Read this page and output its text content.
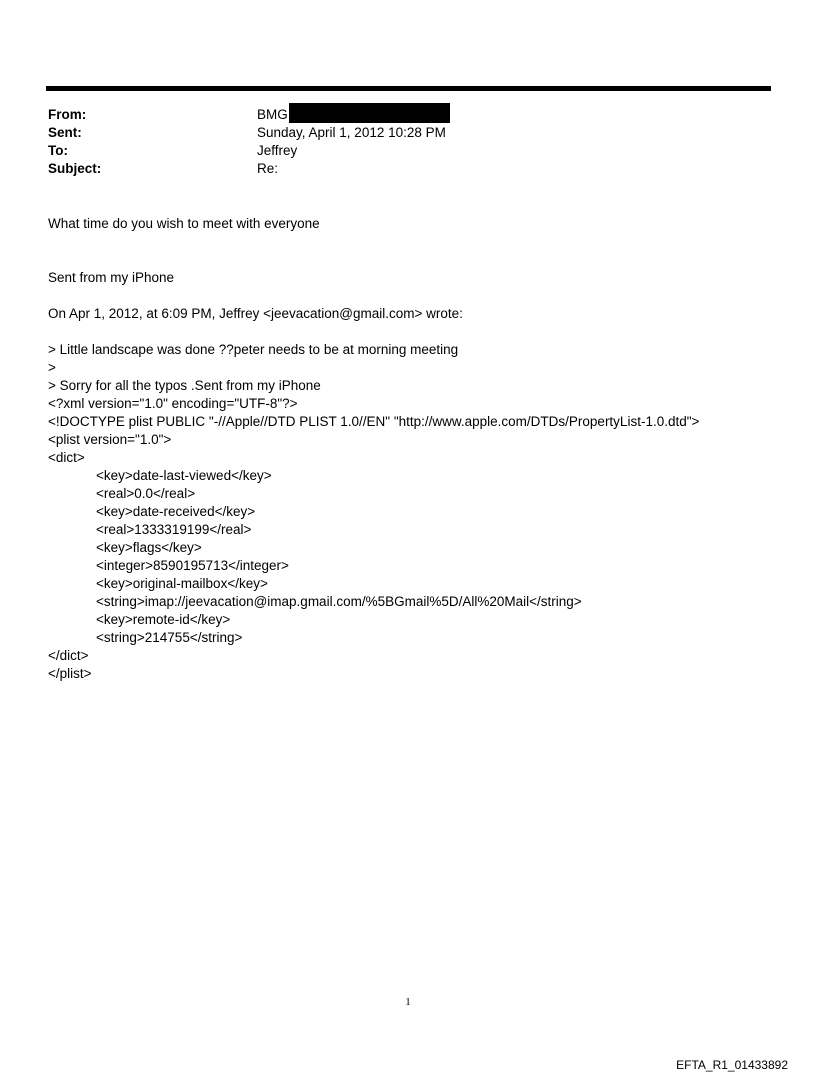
From:	BMG
Sent:	Sunday, April 1, 2012 10:28 PM
To:	Jeffrey
Subject:	Re:
What time do you wish to meet with everyone
Sent from my iPhone
On Apr 1, 2012, at 6:09 PM, Jeffrey <jeevacation@gmail.com> wrote:
> Little landscape was done ??peter needs to be at morning meeting
>
> Sorry for all the typos .Sent from my iPhone
<?xml version="1.0" encoding="UTF-8"?>
<!DOCTYPE plist PUBLIC "-//Apple//DTD PLIST 1.0//EN" "http://www.apple.com/DTDs/PropertyList-1.0.dtd">
<plist version="1.0">
<dict>
<key>date-last-viewed</key>
<real>0.0</real>
<key>date-received</key>
<real>1333319199</real>
<key>flags</key>
<integer>8590195713</integer>
<key>original-mailbox</key>
<string>imap://jeevacation@imap.gmail.com/%5BGmail%5D/All%20Mail</string>
<key>remote-id</key>
<string>214755</string>
</dict>
</plist>
1
EFTA_R1_01433892
